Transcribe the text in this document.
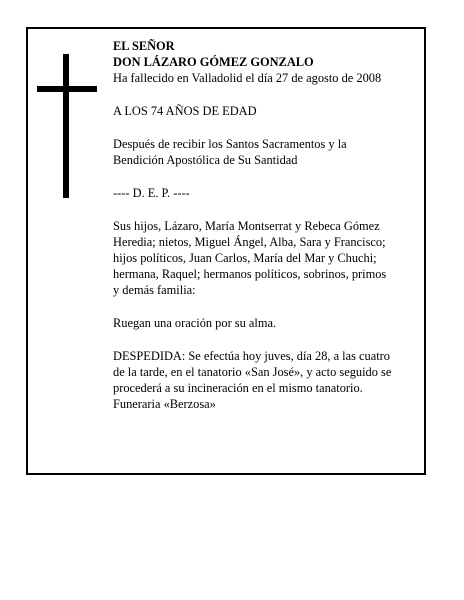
EL SEÑOR
DON LÁZARO GÓMEZ GONZALO
Ha fallecido en Valladolid el día 27 de agosto de 2008

A LOS 74 AÑOS DE EDAD

Después de recibir los Santos Sacramentos y la
Bendición Apostólica de Su Santidad

---- D. E. P. ----

Sus hijos, Lázaro, María Montserrat y Rebeca Gómez
Heredia; nietos, Miguel Ángel, Alba, Sara y Francisco;
hijos políticos, Juan Carlos, María del Mar y Chuchi;
hermana, Raquel; hermanos políticos, sobrinos, primos
y demás familia:

Ruegan una oración por su alma.

DESPEDIDA: Se efectúa hoy juves, día 28, a las cuatro
de la tarde, en el tanatorio «San José», y acto seguido se
procederá a su incineración en el mismo tanatorio.
Funeraria «Berzosa»
